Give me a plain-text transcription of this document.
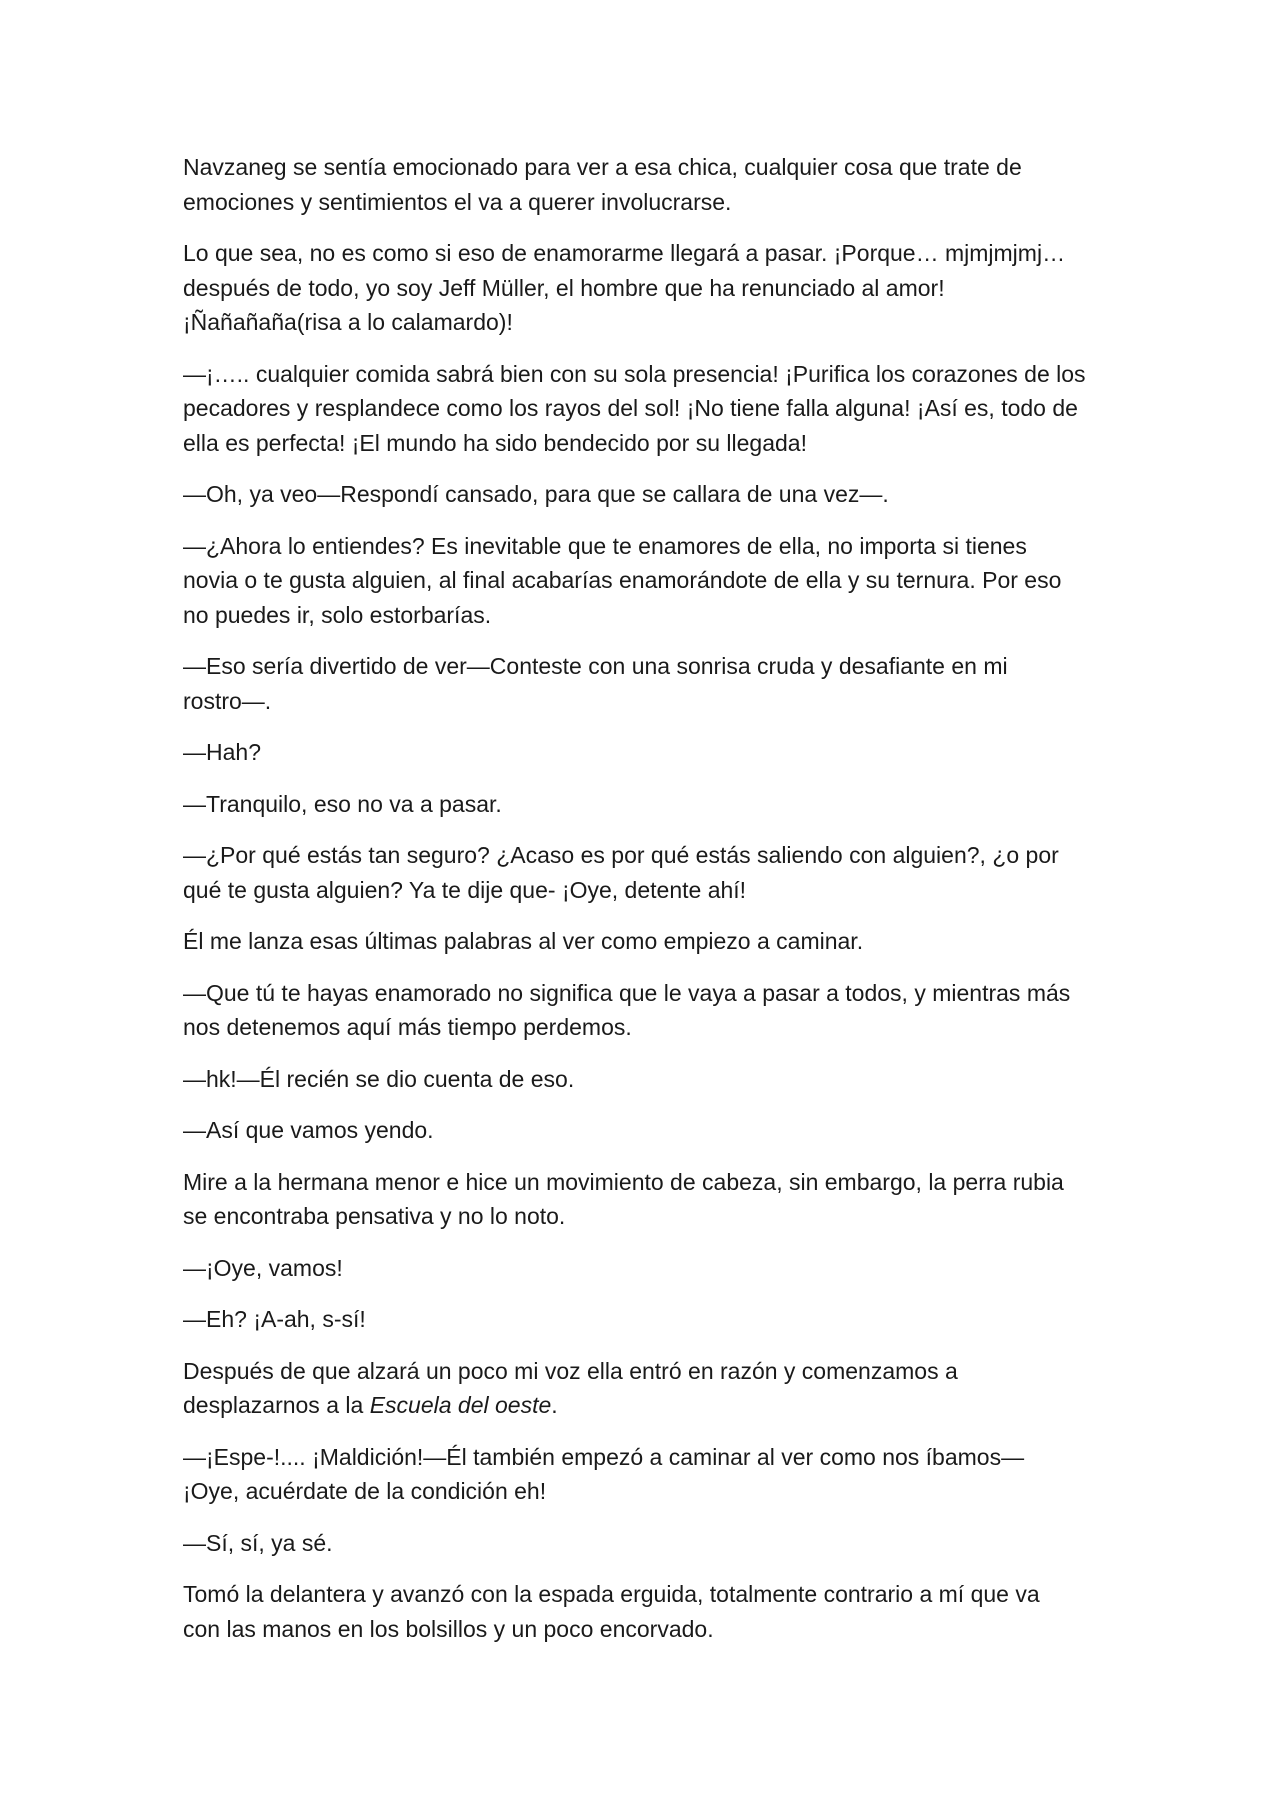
Navzaneg se sentía emocionado para ver a esa chica, cualquier cosa que trate de
emociones y sentimientos el va a querer involucrarse.

Lo que sea, no es como si eso de enamorarme llegará a pasar. ¡Porque… mjmjmjmj…
después de todo, yo soy Jeff Müller, el hombre que ha renunciado al amor!
¡Ñañañaña(risa a lo calamardo)!

—¡….. cualquier comida sabrá bien con su sola presencia! ¡Purifica los corazones de los
pecadores y resplandece como los rayos del sol! ¡No tiene falla alguna! ¡Así es, todo de
ella es perfecta! ¡El mundo ha sido bendecido por su llegada!

—Oh, ya veo—Respondí cansado, para que se callara de una vez—.

—¿Ahora lo entiendes? Es inevitable que te enamores de ella, no importa si tienes
novia o te gusta alguien, al final acabarías enamorándote de ella y su ternura. Por eso
no puedes ir, solo estorbarías.

—Eso sería divertido de ver—Conteste con una sonrisa cruda y desafiante en mi
rostro—.

—Hah?

—Tranquilo, eso no va a pasar.

—¿Por qué estás tan seguro? ¿Acaso es por qué estás saliendo con alguien?, ¿o por
qué te gusta alguien? Ya te dije que- ¡Oye, detente ahí!

Él me lanza esas últimas palabras al ver como empiezo a caminar.

—Que tú te hayas enamorado no significa que le vaya a pasar a todos, y mientras más
nos detenemos aquí más tiempo perdemos.

—hk!—Él recién se dio cuenta de eso.

—Así que vamos yendo.

Mire a la hermana menor e hice un movimiento de cabeza, sin embargo, la perra rubia
se encontraba pensativa y no lo noto.

—¡Oye, vamos!

—Eh? ¡A-ah, s-sí!

Después de que alzará un poco mi voz ella entró en razón y comenzamos a
desplazarnos a la Escuela del oeste.

—¡Espe-!.... ¡Maldición!—Él también empezó a caminar al ver como nos íbamos—
¡Oye, acuérdate de la condición eh!

—Sí, sí, ya sé.

Tomó la delantera y avanzó con la espada erguida, totalmente contrario a mí que va
con las manos en los bolsillos y un poco encorvado.
